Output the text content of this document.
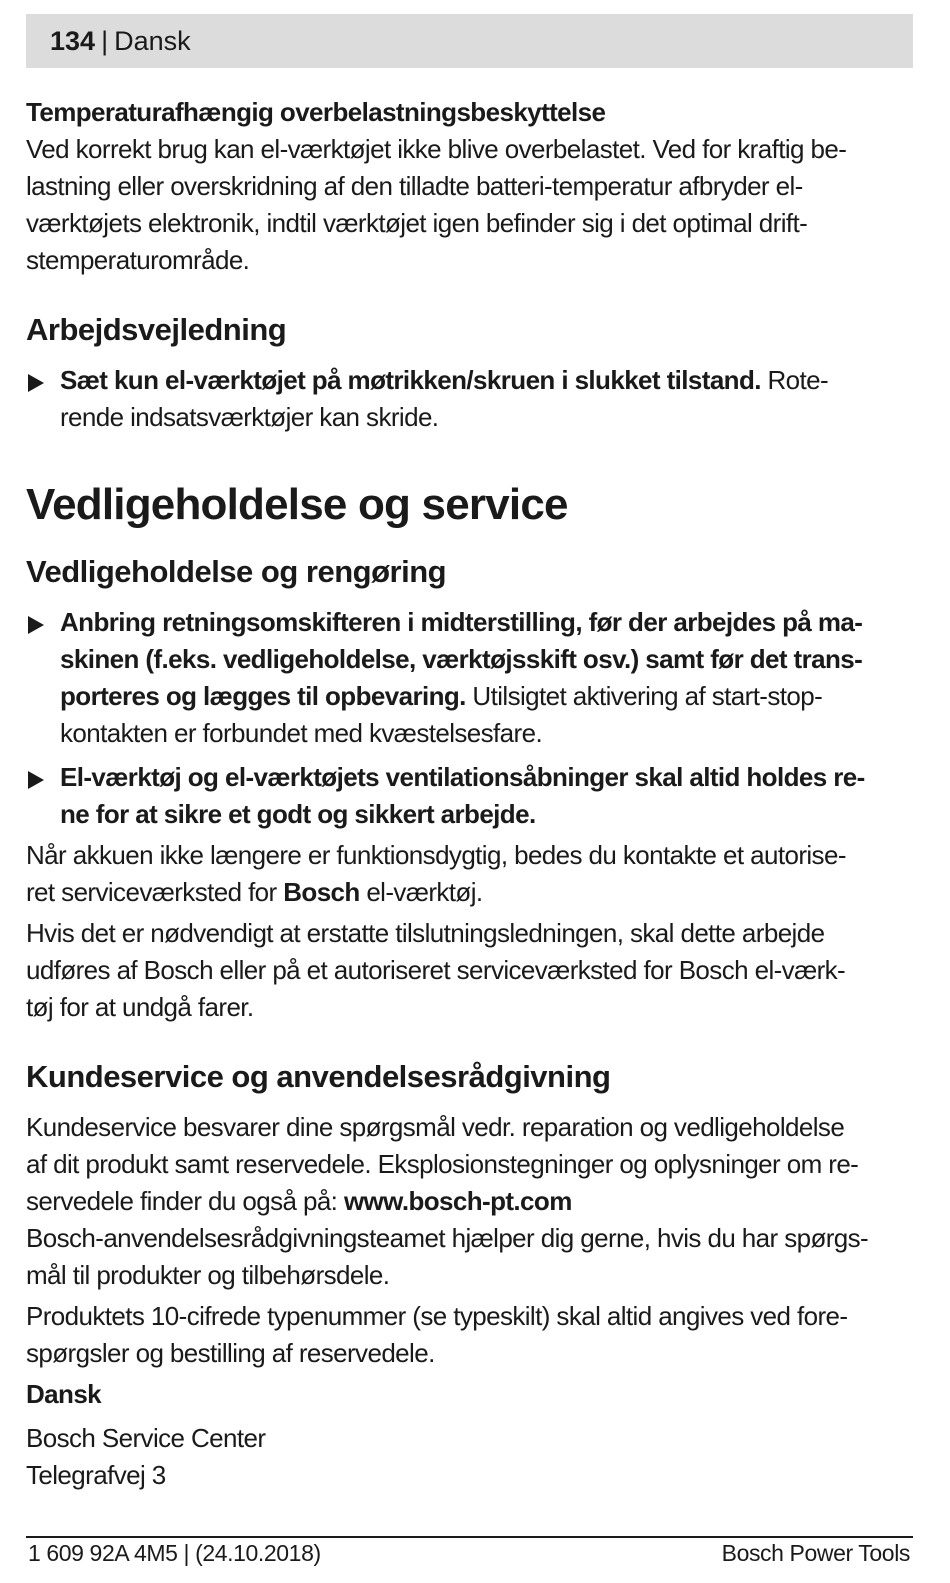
134 | Dansk

Temperaturafhængig overbelastningsbeskyttelse

Ved korrekt brug kan el-værktøjet ikke blive overbelastet. Ved for kraftig be-

lastning eller overskridning af den tilladte batteri-temperatur afbryder el-

værktøjets elektronik, indtil værktøjet igen befinder sig i det optimal drift-

stemperaturområde.

Arbejdsvejledning

Sæt kun el-værktøjet på møtrikken/skruen i slukket tilstand. Rote-

rende indsatsværktøjer kan skride.

Vedligeholdelse og service

Vedligeholdelse og rengøring

Anbring retningsomskifteren i midterstilling, før der arbejdes på ma-

skinen (f.eks. vedligeholdelse, værktøjsskift osv.) samt før det trans-

porteres og lægges til opbevaring. Utilsigtet aktivering af start-stop-

kontakten er forbundet med kvæstelsesfare.

El-værktøj og el-værktøjets ventilationsåbninger skal altid holdes re-

ne for at sikre et godt og sikkert arbejde.

Når akkuen ikke længere er funktionsdygtig, bedes du kontakte et autorise-

ret serviceværksted for Bosch el-værktøj.

Hvis det er nødvendigt at erstatte tilslutningsledningen, skal dette arbejde

udføres af Bosch eller på et autoriseret serviceværksted for Bosch el-værk-

tøj for at undgå farer.

Kundeservice og anvendelsesrådgivning

Kundeservice besvarer dine spørgsmål vedr. reparation og vedligeholdelse

af dit produkt samt reservedele. Eksplosionstegninger og oplysninger om re-

servedele finder du også på: www.bosch-pt.com

Bosch-anvendelsesrådgivningsteamet hjælper dig gerne, hvis du har spørgs-

mål til produkter og tilbehørsdele.

Produktets 10-cifrede typenummer (se typeskilt) skal altid angives ved fore-

spørgsler og bestilling af reservedele.

Dansk

Bosch Service Center

Telegrafvej 3

1 609 92A 4M5 | (24.10.2018)	Bosch Power Tools
